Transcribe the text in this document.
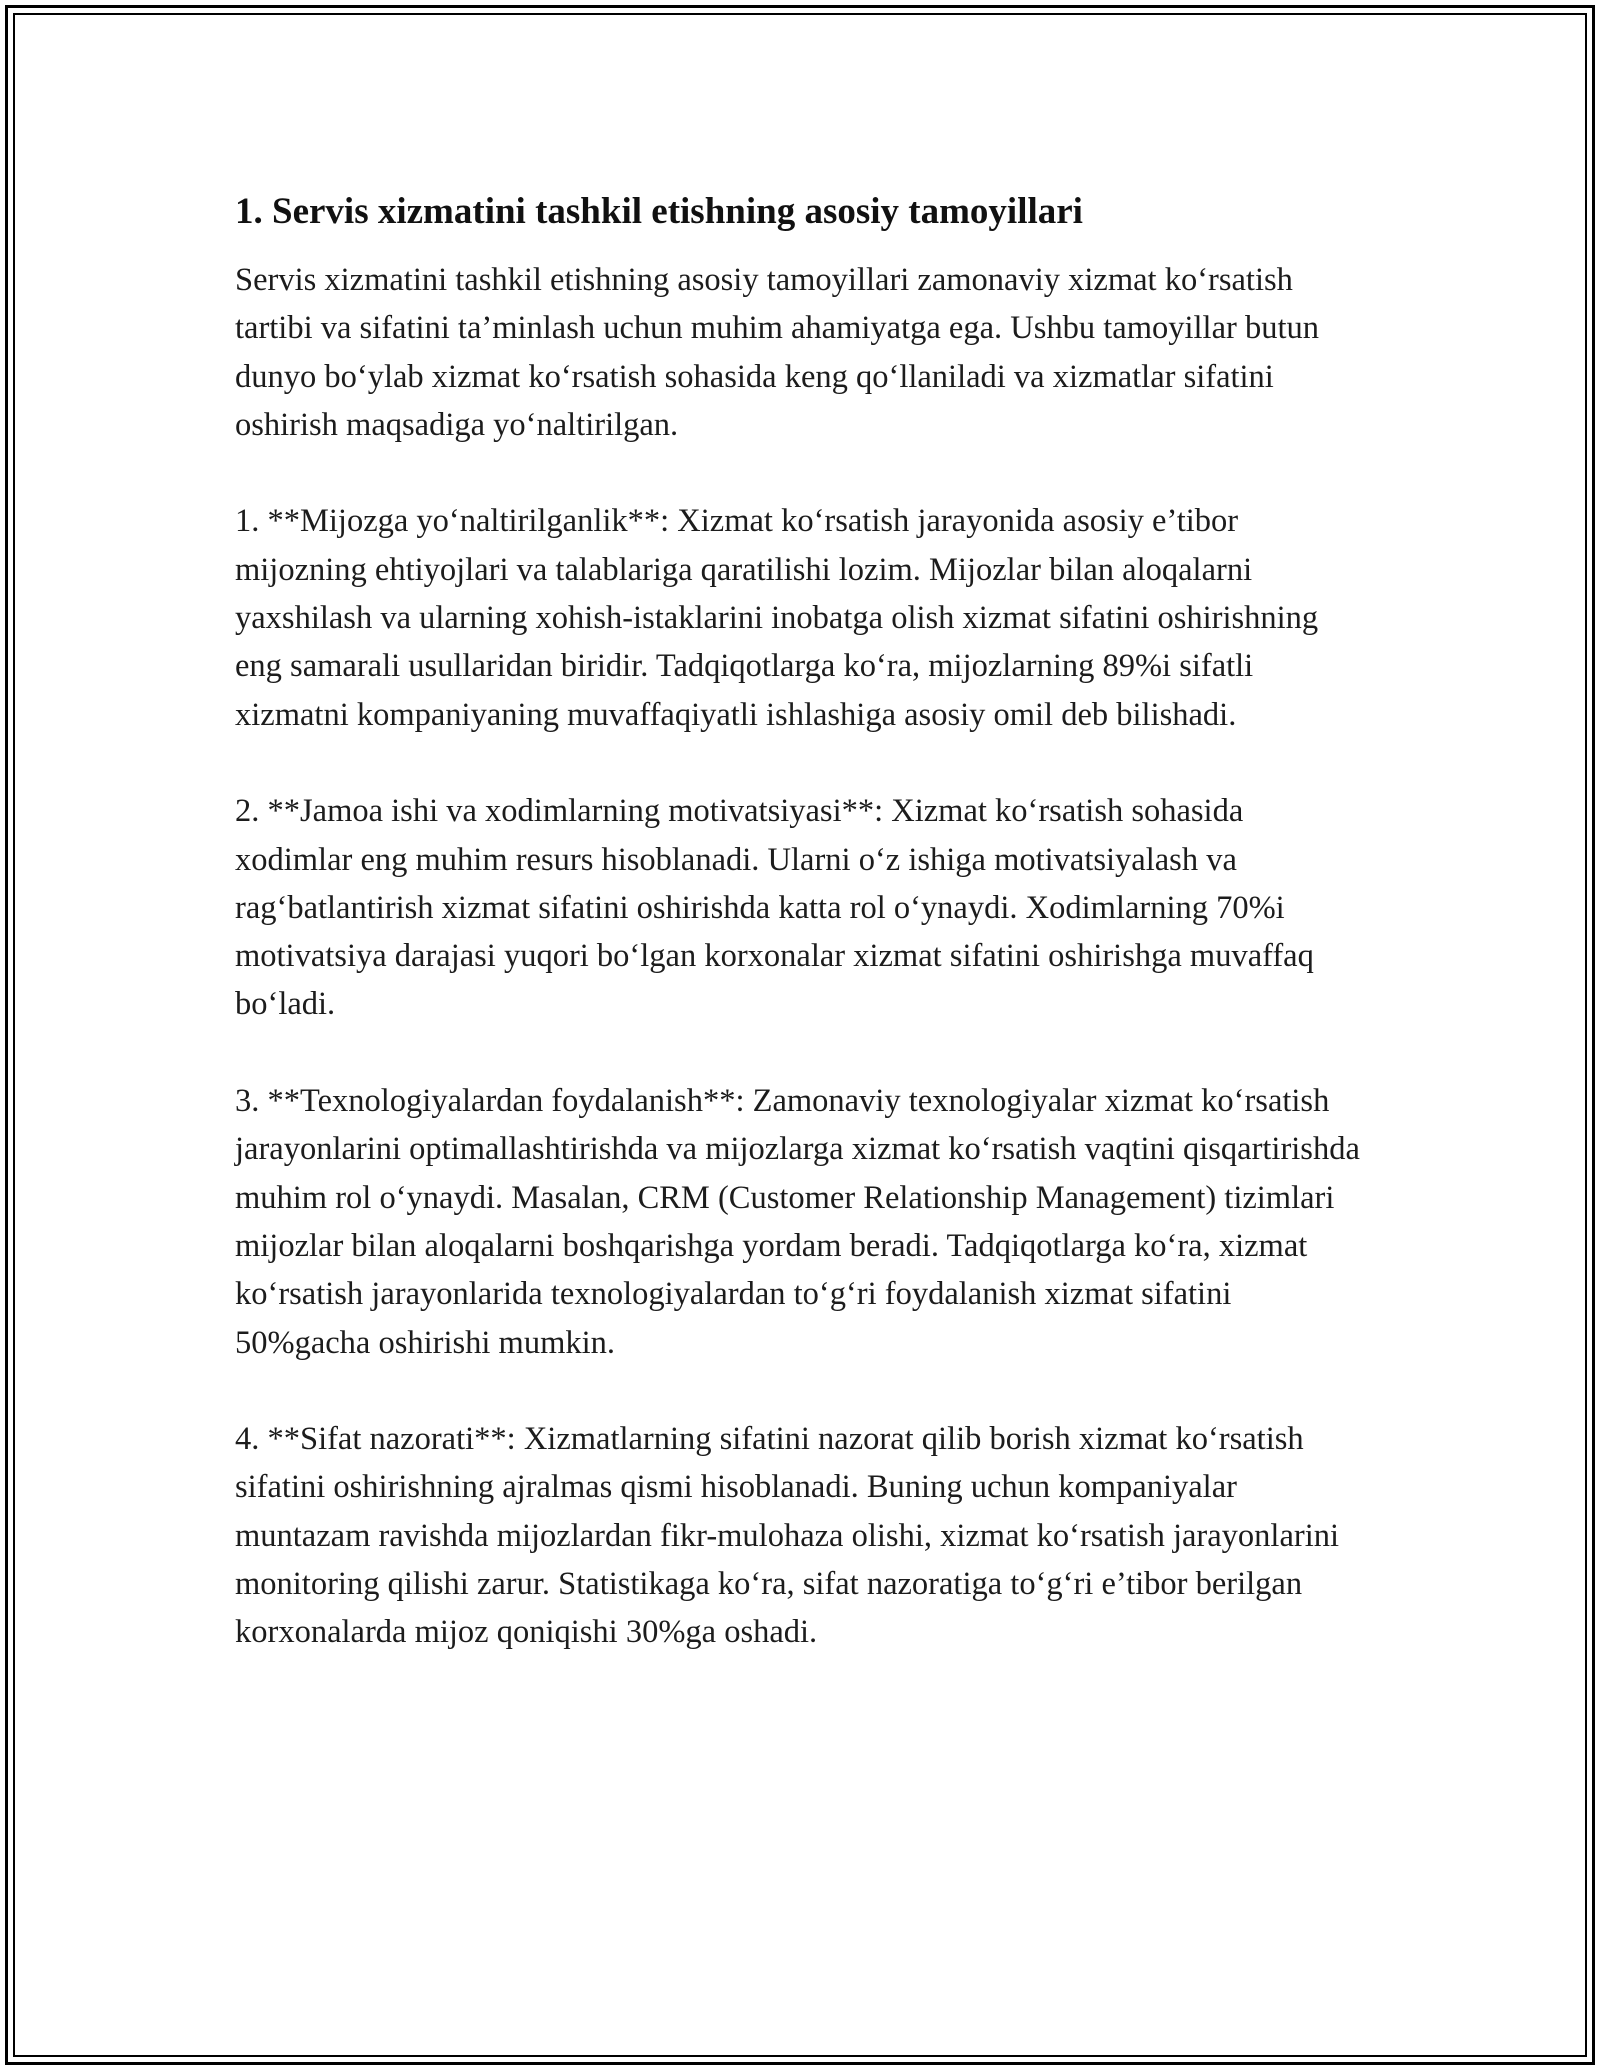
1. Servis xizmatini tashkil etishning asosiy tamoyillari

Servis xizmatini tashkil etishning asosiy tamoyillari zamonaviy xizmat ko‘rsatish tartibi va sifatini ta’minlash uchun muhim ahamiyatga ega. Ushbu tamoyillar butun dunyo bo‘ylab xizmat ko‘rsatish sohasida keng qo‘llaniladi va xizmatlar sifatini oshirish maqsadiga yo‘naltirilgan.

1. **Mijozga yo‘naltirilganlik**: Xizmat ko‘rsatish jarayonida asosiy e’tibor mijozning ehtiyojlari va talablariga qaratilishi lozim. Mijozlar bilan aloqalarni yaxshilash va ularning xohish-istaklarini inobatga olish xizmat sifatini oshirishning eng samarali usullaridan biridir. Tadqiqotlarga ko‘ra, mijozlarning 89%i sifatli xizmatni kompaniyaning muvaffaqiyatli ishlashiga asosiy omil deb bilishadi.

2. **Jamoa ishi va xodimlarning motivatsiyasi**: Xizmat ko‘rsatish sohasida xodimlar eng muhim resurs hisoblanadi. Ularni o‘z ishiga motivatsiyalash va rag‘batlantirish xizmat sifatini oshirishda katta rol o‘ynaydi. Xodimlarning 70%i motivatsiya darajasi yuqori bo‘lgan korxonalar xizmat sifatini oshirishga muvaffaq bo‘ladi.

3. **Texnologiyalardan foydalanish**: Zamonaviy texnologiyalar xizmat ko‘rsatish jarayonlarini optimallashtirishda va mijozlarga xizmat ko‘rsatish vaqtini qisqartirishda muhim rol o‘ynaydi. Masalan, CRM (Customer Relationship Management) tizimlari mijozlar bilan aloqalarni boshqarishga yordam beradi. Tadqiqotlarga ko‘ra, xizmat ko‘rsatish jarayonlarida texnologiyalardan to‘g‘ri foydalanish xizmat sifatini 50%gacha oshirishi mumkin.

4. **Sifat nazorati**: Xizmatlarning sifatini nazorat qilib borish xizmat ko‘rsatish sifatini oshirishning ajralmas qismi hisoblanadi. Buning uchun kompaniyalar muntazam ravishda mijozlardan fikr-mulohaza olishi, xizmat ko‘rsatish jarayonlarini monitoring qilishi zarur. Statistikaga ko‘ra, sifat nazoratiga to‘g‘ri e’tibor berilgan korxonalarda mijoz qoniqishi 30%ga oshadi.
